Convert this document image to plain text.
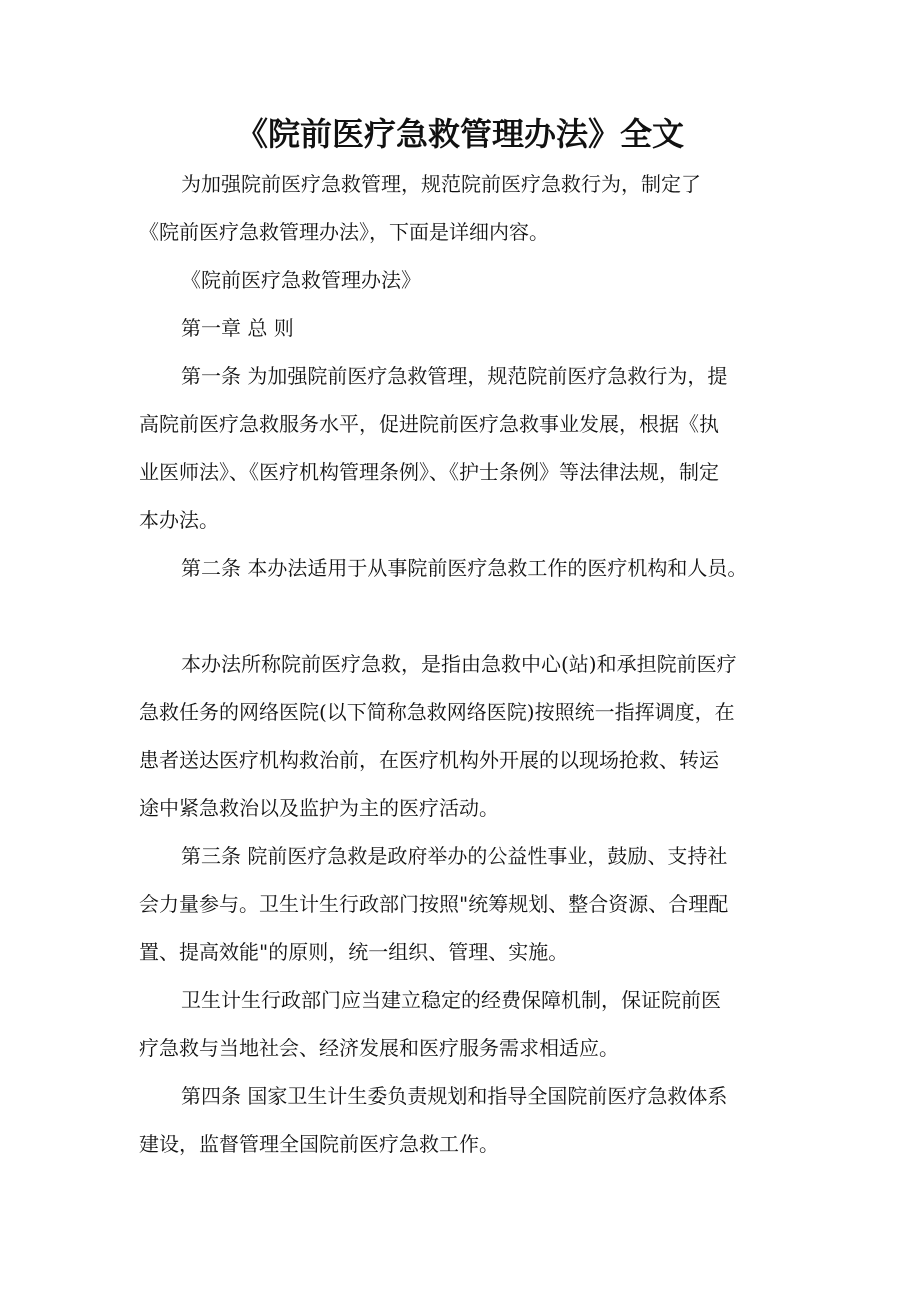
《院前医疗急救管理办法》全文
为加强院前医疗急救管理，规范院前医疗急救行为，制定了
《院前医疗急救管理办法》，下面是详细内容。
《院前医疗急救管理办法》
第一章 总 则
第一条 为加强院前医疗急救管理，规范院前医疗急救行为，提
高院前医疗急救服务水平，促进院前医疗急救事业发展，根据《执
业医师法》、《医疗机构管理条例》、《护士条例》等法律法规，制定
本办法。
第二条 本办法适用于从事院前医疗急救工作的医疗机构和人员。
本办法所称院前医疗急救，是指由急救中心(站)和承担院前医疗
急救任务的网络医院(以下简称急救网络医院)按照统一指挥调度，在
患者送达医疗机构救治前，在医疗机构外开展的以现场抢救、转运
途中紧急救治以及监护为主的医疗活动。
第三条 院前医疗急救是政府举办的公益性事业，鼓励、支持社
会力量参与。卫生计生行政部门按照"统筹规划、整合资源、合理配
置、提高效能"的原则，统一组织、管理、实施。
卫生计生行政部门应当建立稳定的经费保障机制，保证院前医
疗急救与当地社会、经济发展和医疗服务需求相适应。
第四条 国家卫生计生委负责规划和指导全国院前医疗急救体系
建设，监督管理全国院前医疗急救工作。
